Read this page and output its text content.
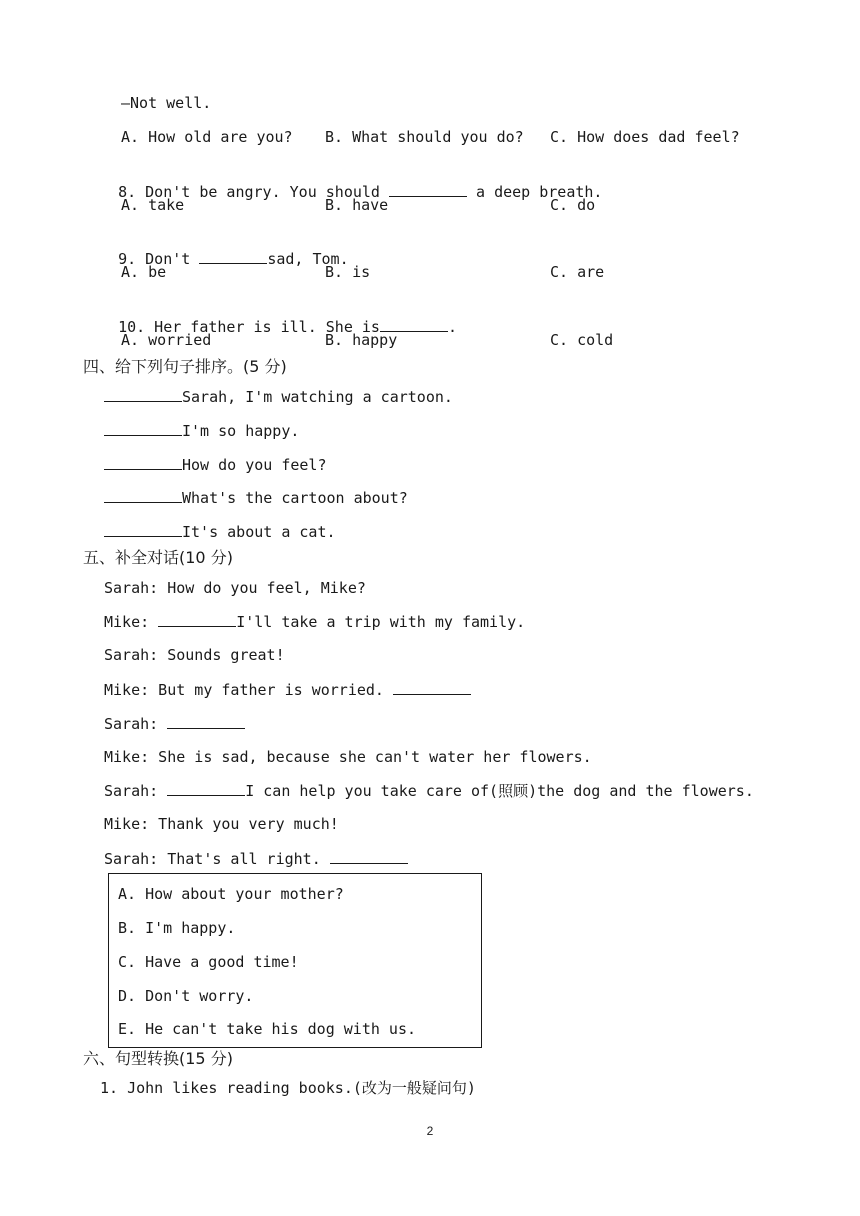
—Not well.
A. How old are you? B. What should you do? C. How does dad feel?

8. Don't be angry. You should	a deep breath.

A. take	B. have	C. do

9. Don't	sad, Tom.

A. be	B. is	C. are

10. Her father is ill. She is	.

A. worried	B. happy	C. cold
四、给下列句子排序。(5 分)
Sarah, I'm watching a cartoon.
I'm so happy.
How do you feel?
What's the cartoon about?
It's about a cat.
五、补全对话(10 分)
Sarah: How do you feel, Mike?
Mike:	I'll take a trip with my family.
Sarah: Sounds great!
Mike: But my father is worried.
Sarah:
Mike: She is sad, because she can't water her flowers.
Sarah:	I can help you take care of(照顾)the dog and the flowers.
Mike: Thank you very much!
Sarah: That's all right.
A. How about your mother?
B. I'm happy.
C. Have a good time!
D. Don't worry.
E. He can't take his dog with us.
六、句型转换(15 分)
1. John likes reading books.(改为一般疑问句)
2
